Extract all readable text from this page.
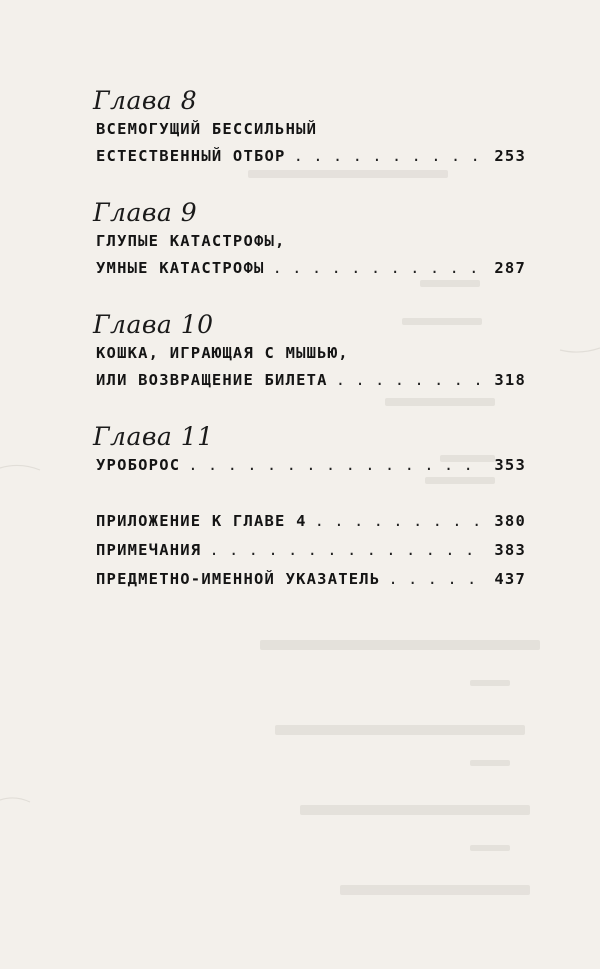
Глава 8
ВСЕМОГУЩИЙ БЕССИЛЬНЫЙ
ЕСТЕСТВЕННЫЙ ОТБОР . . .	253
Глава 9
ГЛУПЫЕ КАТАСТРОФЫ,
УМНЫЕ КАТАСТРОФЫ . . .	287
Глава 10
КОШКА, ИГРАЮЩАЯ С МЫШЬЮ,
ИЛИ ВОЗВРАЩЕНИЕ БИЛЕТА . . .	318
Глава 11
УРОБОРОС . . .	353
ПРИЛОЖЕНИЕ К ГЛАВЕ 4 . . .	380
ПРИМЕЧАНИЯ . . .	383
ПРЕДМЕТНО-ИМЕННОЙ УКАЗАТЕЛЬ . . .	437
